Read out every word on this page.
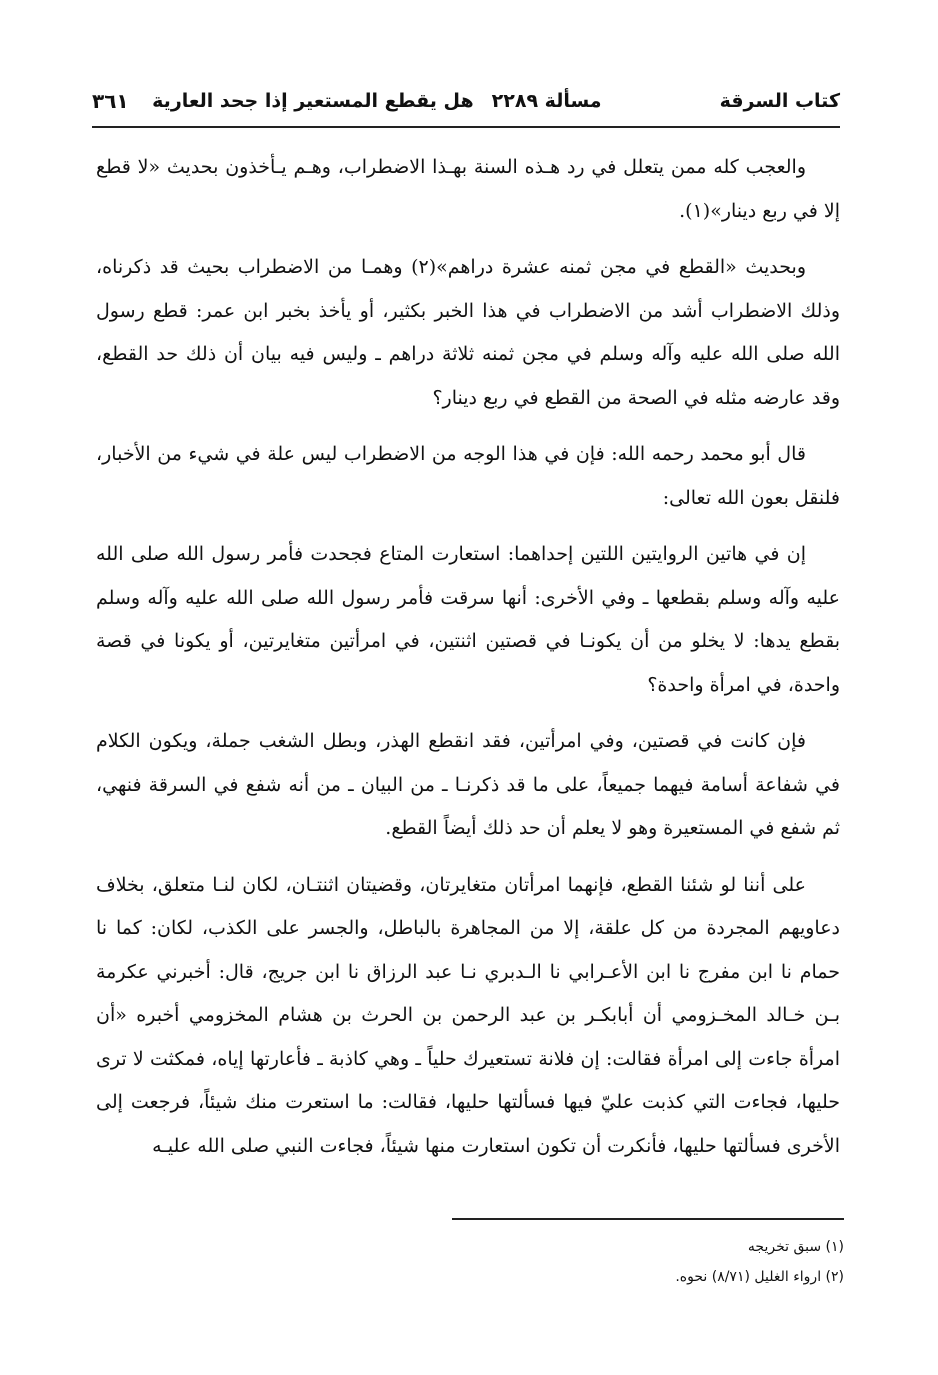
كتاب السرقة
مسألة ٢٢٨٩
هل يقطع المستعير إذا جحد العارية
٣٦١

والعجب كله ممن يتعلل في رد هـذه السنة بهـذا الاضطراب، وهـم يـأخذون بحديث «لا قطع إلا في ربع دينار»(١).

وبحديث «القطع في مجن ثمنه عشرة دراهم»(٢) وهمـا من الاضطراب بحيث قد ذكرناه، وذلك الاضطراب أشد من الاضطراب في هذا الخبر بكثير، أو يأخذ بخبر ابن عمر: قطع رسول الله صلى الله عليه وآله وسلم في مجن ثمنه ثلاثة دراهم ـ وليس فيه بيان أن ذلك حد القطع، وقد عارضه مثله في الصحة من القطع في ربع دينار؟

قال أبو محمد رحمه الله: فإن في هذا الوجه من الاضطراب ليس علة في شيء من الأخبار، فلنقل بعون الله تعالى:

إن في هاتين الروايتين اللتين إحداهما: استعارت المتاع فجحدت فأمر رسول الله صلى الله عليه وآله وسلم بقطعها ـ وفي الأخرى: أنها سرقت فأمر رسول الله صلى الله عليه وآله وسلم بقطع يدها: لا يخلو من أن يكونـا في قصتين اثنتين، في امرأتين متغايرتين، أو يكونا في قصة واحدة، في امرأة واحدة؟

فإن كانت في قصتين، وفي امرأتين، فقد انقطع الهذر، وبطل الشغب جملة، ويكون الكلام في شفاعة أسامة فيهما جميعاً، على ما قد ذكرنـا ـ من البيان ـ من أنه شفع في السرقة فنهي، ثم شفع في المستعيرة وهو لا يعلم أن حد ذلك أيضاً القطع.

على أننا لو شئنا القطع، فإنهما امرأتان متغايرتان، وقضيتان اثنتـان، لكان لنـا متعلق، بخلاف دعاويهم المجردة من كل علقة، إلا من المجاهرة بالباطل، والجسر على الكذب، لكان: كما نا حمام نا ابن مفرج نا ابن الأعـرابي نا الـدبري نـا عبد الرزاق نا ابن جريج، قال: أخبرني عكرمة بـن خـالد المخـزومي أن أبابكـر بن عبد الرحمن بن الحرث بن هشام المخزومي أخبره «أن امرأة جاءت إلى امرأة فقالت: إن فلانة تستعيرك حلياً ـ وهي كاذبة ـ فأعارتها إياه، فمكثت لا ترى حليها، فجاءت التي كذبت عليّ فيها فسألتها حليها، فقالت: ما استعرت منك شيئاً، فرجعت إلى الأخرى فسألتها حليها، فأنكرت أن تكون استعارت منها شيئاً، فجاءت النبي صلى الله عليـه

(١) سبق تخريجه
(٢) ارواء الغليل (٨/٧١) نحوه.
